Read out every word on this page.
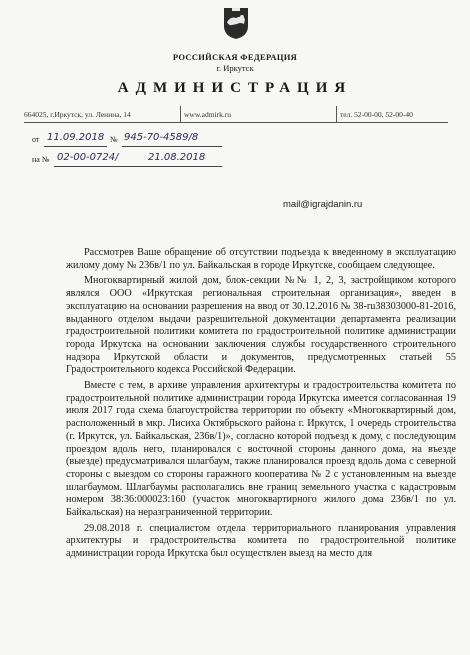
РОССИЙСКАЯ ФЕДЕРАЦИЯ
г. Иркутск
АДМИНИСТРАЦИЯ
664025, г.Иркутск, ул. Ленина, 14	www.admirk.ru	тел. 52-00-00, 52-00-40
от 11.09.2018 № 945-70-4589/8
на № 02-00-0724/	21.08.2018
mail@igrajdanin.ru

Рассмотрев Ваше обращение об отсутствии подъезда к введенному в эксплуатацию жилому дому № 236в/1 по ул. Байкальская в городе Иркутске, сообщаем следующее.

Многоквартирный жилой дом, блок-секции №№ 1, 2, 3, застройщиком которого являлся ООО «Иркутская региональная строительная организация», введен в эксплуатацию на основании разрешения на ввод от 30.12.2016 № 38-ru38303000-81-2016, выданного отделом выдачи разрешительной документации департамента реализации градостроительной политики комитета по градостроительной политике администрации города Иркутска на основании заключения службы государственного строительного надзора Иркутской области и документов, предусмотренных статьей 55 Градостроительного кодекса Российской Федерации.

Вместе с тем, в архиве управления архитектуры и градостроительства комитета по градостроительной политике администрации города Иркутска имеется согласованная 19 июля 2017 года схема благоустройства территории по объекту «Многоквартирный дом, расположенный в мкр. Лисиха Октябрьского района г. Иркутск, 1 очередь строительства (г. Иркутск, ул. Байкальская, 236в/1)», согласно которой подъезд к дому, с последующим проездом вдоль него, планировался с восточной стороны данного дома, на въезде (выезде) предусматривался шлагбаум, также планировался проезд вдоль дома с северной стороны с выездом со стороны гаражного кооператива № 2 с установленным на выезде шлагбаумом. Шлагбаумы располагались вне границ земельного участка с кадастровым номером 38:36:000023:160 (участок многоквартирного жилого дома 236в/1 по ул. Байкальская) на неразграниченной территории.

29.08.2018 г. специалистом отдела территориального планирования управления архитектуры и градостроительства комитета по градостроительной политике администрации города Иркутска был осуществлен выезд на место для
